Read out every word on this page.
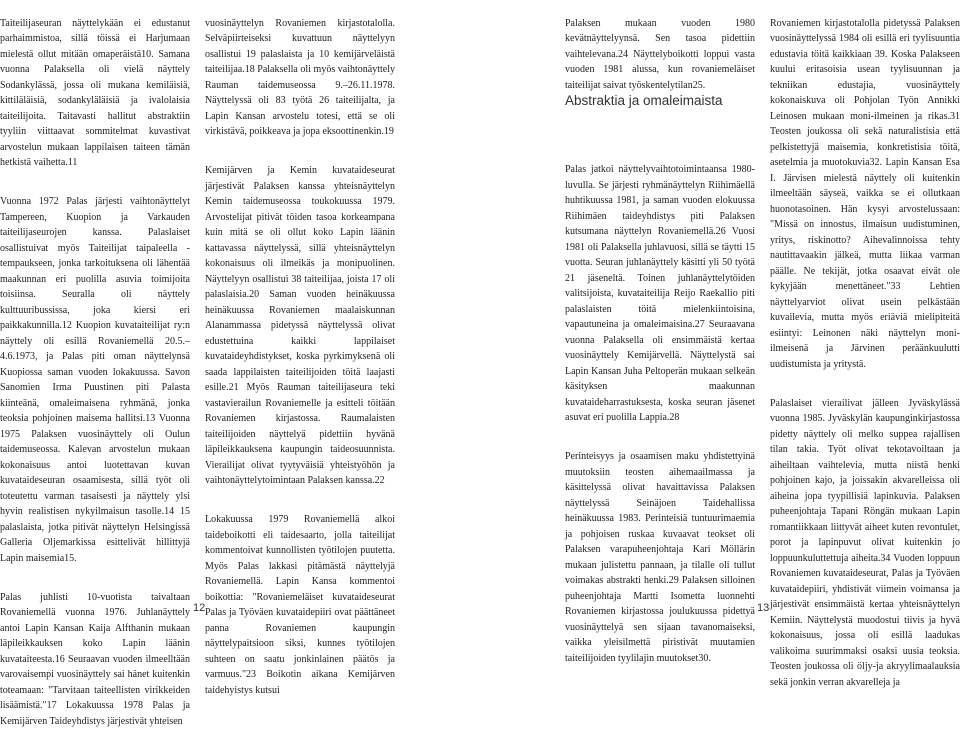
Taiteilijaseuran näyttelykään ei edustanut parhaimmistoa, sillä töissä ei Harjumaan mielestä ollut mitään omaperäistä10. Samana vuonna Palaksella oli vielä näyttely Sodankylässä, jossa oli mukana kemiläisiä, kittiläläisiä, sodankyläläisiä ja ivalolaisia taiteilijoita. Taitavasti hallitut abstraktiin tyyliin viittaavat sommitelmat kuvastivat arvostelun mukaan lappilaisen taiteen tämän hetkistä vaihetta.11

Vuonna 1972 Palas järjesti vaihtonäyttelyt Tampereen, Kuopion ja Varkauden taiteilijaseurojen kanssa. Palaslaiset osallistuivat myös Taiteilijat taipaleella -tempaukseen, jonka tarkoituksena oli lähentää maakunnan eri puolilla asuvia toimijoita toisiinsa. Seuralla oli näyttely kulttuuribussissa, joka kiersi eri paikkakunnilla.12 Kuopion kuvataiteilijat ry:n näyttely oli esillä Rovaniemellä 20.5.–4.6.1973, ja Palas piti oman näyttelynsä Kuopiossa saman vuoden lokakuussa. Savon Sanomien Irma Puustinen piti Palasta kiinteänä, omaleimaisena ryhmänä, jonka teoksia pohjoinen maisema hallitsi.13 Vuonna 1975 Palaksen vuosinäyttely oli Oulun taidemuseossa. Kalevan arvostelun mukaan kokonaisuus antoi luotettavan kuvan kuvataideseuran osaamisesta, sillä työt oli toteutettu varman tasaisesti ja näyttely ylsi hyvin realistisen nykyilmaisun tasolle.14 15 palaslaista, jotka pitivät näyttelyn Helsingissä Galleria Oljemarkissa esittelivät hillittyjä Lapin maisemia15.

Palas juhlisti 10-vuotista taivaltaan Rovaniemellä vuonna 1976. Juhlanäyttely antoi Lapin Kansan Kaija Alfthanin mukaan läpileikkauksen koko Lapin läänin kuvataiteesta.16 Seuraavan vuoden ilmeelltään varovaisempi vuosinäyttely sai hänet kuitenkin toteamaan: "Tarvitaan taiteellisten virikkeiden lisäämistä."17 Lokakuussa 1978 Palas ja Kemijärven Taideyhdistys järjestivät yhteisen

vuosinäyttelyn Rovaniemen kirjastotalolla. Selväpiirteiseksi kuvattuun näyttelyyn osallistui 19 palaslaista ja 10 kemijärveläistä taiteilijaa.18 Palaksella oli myös vaihtonäyttely Rauman taidemuseossa 9.–26.11.1978. Näyttelyssä oli 83 työtä 26 taiteilijalta, ja Lapin Kansan arvostelu totesi, että se oli virkistävä, poikkeava ja jopa eksoottinenkin.19

Kemijärven ja Kemin kuvataideseurat järjestivät Palaksen kanssa yhteisnäyttelyn Kemin taidemuseossa toukokuussa 1979. Arvostelijat pitivät töiden tasoa korkeampana kuin mitä se oli ollut koko Lapin läänin kattavassa näyttelyssä, sillä yhteisnäyttelyn kokonaisuus oli ilmeikäs ja monipuolinen. Näyttelyyn osallistui 38 taiteilijaa, joista 17 oli palaslaisia.20 Saman vuoden heinäkuussa heinäkuussa Rovaniemen maalaiskunnan Alanammassa pidetyssä näyttelyssä olivat edustettuina kaikki lappilaiset kuvataideyhdistykset, koska pyrkimyksenä oli saada lappilaisten taiteilijoiden töitä laajasti esille.21 Myös Rauman taiteilijaseura teki vastavierailun Rovaniemelle ja esitteli töitään Rovaniemen kirjastossa. Raumalaisten taiteilijoiden näyttelyä pidettiin hyvänä läpileikkauksena kaupungin taideosuunnista. Vierailijat olivat tyytyväisiä yhteistyöhön ja vaihtonäyttelytoimintaan Palaksen kanssa.22

Lokakuussa 1979 Rovaniemellä alkoi taideboikotti eli taidesaarto, jolla taiteilijat kommentoivat kunnollisten työtilojen puutetta. Myös Palas lakkasi pitämästä näyttelyjä Rovaniemellä. Lapin Kansa kommentoi boikottia: "Rovaniemeläiset kuvataideseurat Palas ja Työväen kuvataidepiiri ovat päättäneet panna Rovaniemen kaupungin näyttelypaitsioon siksi, kunnes työtilojen suhteen on saatu jonkinlainen päätös ja varmuus."23 Boikotin aikana Kemijärven taidehyistys kutsui

12

Palaksen mukaan vuoden 1980 kevätnäyttelyynsä. Sen tasoa pidettiin vaihtelevana.24 Näyttelyboikotti loppui vasta vuoden 1981 alussa, kun rovaniemeläiset taiteilijat saivat työskentelytilan25.

Palas jatkoi näyttelyvaihtotoimintaansa 1980-luvulla. Se järjesti ryhmänäyttelyn Riihimäellä huhtikuussa 1981, ja saman vuoden elokuussa Riihimäen taideyhdistys piti Palaksen kutsumana näyttelyn Rovaniemellä.26 Vuosi 1981 oli Palaksella juhlavuosi, sillä se täytti 15 vuotta. Seuran juhlanäyttely käsitti yli 50 työtä 21 jäseneltä. Toinen juhlanäyttelytöiden valitsijoista, kuvataiteilija Reijo Raekallio piti palaslaisten töitä mielenkiintoisina, vapautuneina ja omaleimaisina.27 Seuraavana vuonna Palaksella oli ensimmäistä kertaa vuosinäyttely Kemijärvellä. Näyttelystä sai Lapin Kansan Juha Peltoperän mukaan selkeän käsityksen maakunnan kuvataideharrastuksesta, koska seuran jäsenet asuvat eri puolilla Lappia.28

Perinteisyys ja osaamisen maku yhdistettyinä muutoksiin teosten aihemaailmassa ja käsittelyssä olivat havaittavissa Palaksen näyttelyssä Seinäjoen Taidehallissa heinäkuussa 1983. Perinteisiä tuntuurimaemia ja pohjoisen ruskaa kuvaavat teokset oli Palaksen varapuheenjohtaja Kari Möllärin mukaan julistettu pannaan, ja tilalle oli tullut voimakas abstrakti henki.29 Palaksen silloinen puheenjohtaja Martti Isometta luonnehti Rovaniemen kirjastossa joulukuussa pidettyä vuosinäyttelyä sen sijaan tavanomaiseksi, vaikka yleisilmettä piristivät muutamien taiteilijoiden tyylilajin muutokset30.

Abstraktia ja omaleimaista

Rovaniemen kirjastotalolla pidetyssä Palaksen vuosinäyttelyssä 1984 oli esillä eri tyylisuuntia edustavia töitä kaikkiaan 39. Koska Palakseen kuului eritasoisia usean tyylisuunnan ja tekniikan edustajia, vuosinäyttely kokonaiskuva oli Pohjolan Työn Annikki Leinosen mukaan moni-ilmeinen ja rikas.31 Teosten joukossa oli sekä naturalistisia että pelkistettyjä maisemia, konkretistisia töitä, asetelmia ja muotokuvia32. Lapin Kansan Esa I. Järvisen mielestä näyttely oli kuitenkin ilmeeltään säyseä, vaikka se ei ollutkaan huonotasoinen. Hän kysyi arvostelussaan: "Missä on innostus, ilmaisun uudistuminen, yritys, riskinotto? Aihevalinnoissa tehty nautittavaakin jälkeä, mutta liikaa varman päälle. Ne tekijät, jotka osaavat eivät ole kykyjään menettäneet."33 Lehtien näyttelyarviot olivat usein pelkästään kuvailevia, mutta myös eriäviä mielipiteitä esiintyi: Leinonen näki näyttelyn moni-ilmeisenä ja Järvinen peräänkuulutti uudistumista ja yritystä.

Palaslaiset vierailivat jälleen Jyväskylässä vuonna 1985. Jyväskylän kaupunginkirjastossa pidetty näyttely oli melko suppea rajallisen tilan takia. Työt olivat tekotavoiltaan ja aiheiltaan vaihtelevia, mutta niistä henki pohjoinen kajo, ja joissakin akvarelleissa oli aiheina jopa tyypillisiä lapinkuvia. Palaksen puheenjohtaja Tapani Röngän mukaan Lapin romantiikkaan liittyvät aiheet kuten revontulet, porot ja lapinpuvut olivat kuitenkin jo loppuunkuluttettuja aiheita.34 Vuoden loppuun Rovaniemen kuvataideseurat, Palas ja Työväen kuvataidepiiri, yhdistivät viimein voimansa ja järjestivät ensimmäistä kertaa yhteisnäyttelyn Kemiin. Näyttelystä muodostui tiivis ja hyvä kokonaisuus, jossa oli esillä laadukas valikoima suurimmaksi osaksi uusia teoksia. Teosten joukossa oli öljy-ja akryylimaalauksia sekä jonkin verran akvarelleja ja

13
